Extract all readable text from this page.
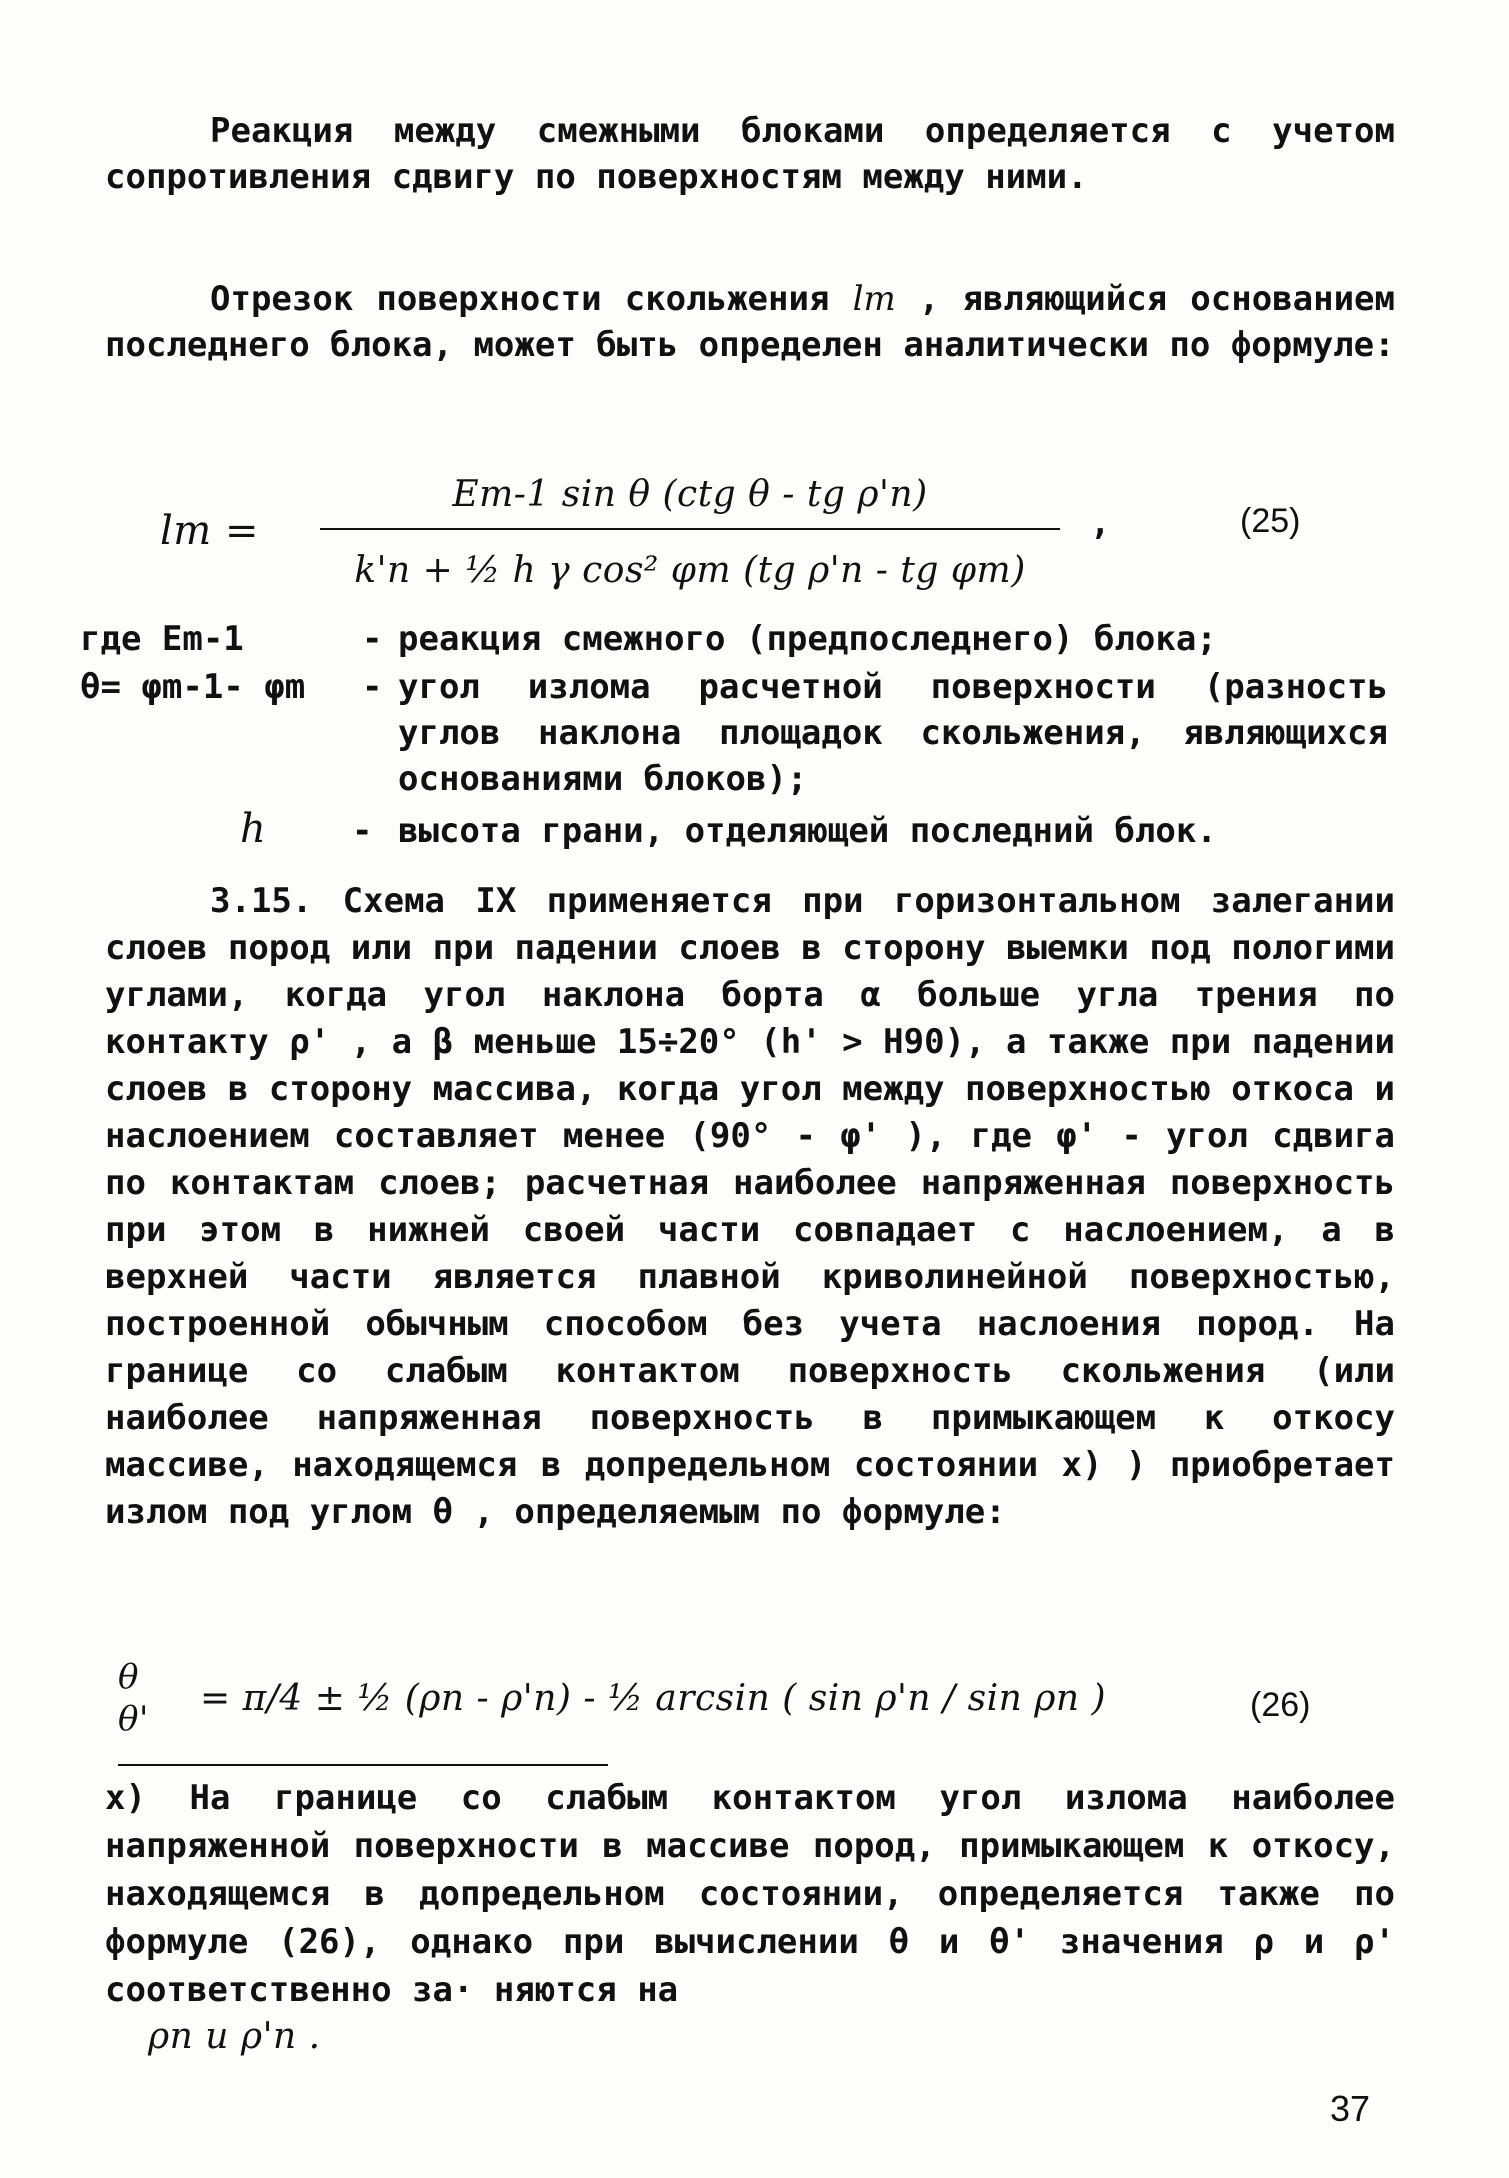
Реакция между смежными блоками определяется с учетом сопротивления сдвигу по поверхностям между ними.
Отрезок поверхности скольжения lm , являющийся основанием последнего блока, может быть определен аналитически по формуле:
lm =
Em-1 sin θ (ctg θ - tg ρ'n)
k'n + ½ h γ cos² φm (tg ρ'n - tg φm)
,	(25)
где Em-1	- реакция смежного (предпоследнего) блока;
θ= φm-1- φm	- угол излома расчетной поверхности (разность углов наклона площадок скольжения, являющихся основаниями блоков);
h	- высота грани, отделяющей последний блок.
3.15. Схема IX применяется при горизонтальном залегании слоев пород или при падении слоев в сторону выемки под пологими углами, когда угол наклона борта α больше угла трения по контакту ρ' , а β меньше 15÷20° (h' > H90), а также при падении слоев в сторону массива, когда угол между поверхностью откоса и наслоением составляет менее (90° - φ' ), где φ' - угол сдвига по контактам слоев; расчетная наиболее напряженная поверхность при этом в нижней своей части совпадает с наслоением, а в верхней части является плавной криволинейной поверхностью, построенной обычным способом без учета наслоения пород. На границе со слабым контактом поверхность скольжения (или наиболее напряженная поверхность в примыкающем к откосу массиве, находящемся в допредельном состоянии x) ) приобретает излом под углом θ , определяемым по формуле:
θ
θ'	= π/4 ± ½ (ρn - ρ'n) - ½ arcsin ( sin ρ'n / sin ρn )	(26)
x) На границе со слабым контактом угол излома наиболее напряженной поверхности в массиве пород, примыкающем к откосу, находящемся в допредельном состоянии, определяется также по формуле (26), однако при вычислении θ и θ' значения ρ и ρ' соответственно за· няются на
ρn и ρ'n .
37
